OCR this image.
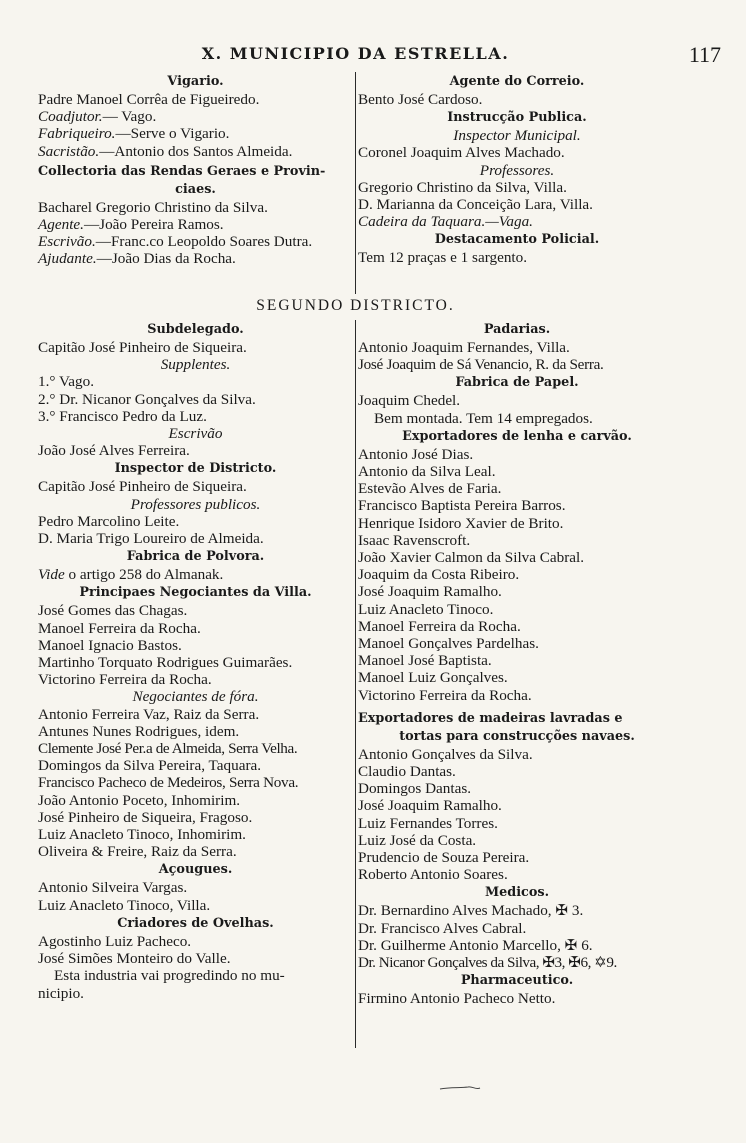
X. MUNICIPIO DA ESTRELLA.	117
Vigario.
Padre Manoel Corrêa de Figueiredo.
Coadjutor.— Vago.
Fabriqueiro.—Serve o Vigario.
Sacristão.—Antonio dos Santos Almeida.
Collectoria das Rendas Geraes e Provin-
ciaes.
Bacharel Gregorio Christino da Silva.
Agente.—João Pereira Ramos.
Escrivão.—Franc.co Leopoldo Soares Dutra.
Ajudante.—João Dias da Rocha.
Agente do Correio.
Bento José Cardoso.
Instrucção Publica.
Inspector Municipal.
Coronel Joaquim Alves Machado.
Professores.
Gregorio Christino da Silva, Villa.
D. Marianna da Conceição Lara, Villa.
Cadeira da Taquara.—Vaga.
Destacamento Policial.
Tem 12 praças e 1 sargento.
SEGUNDO DISTRICTO.
Subdelegado.
Capitão José Pinheiro de Siqueira.
Supplentes.
1.° Vago.
2.° Dr. Nicanor Gonçalves da Silva.
3.° Francisco Pedro da Luz.
Escrivão
João José Alves Ferreira.
Inspector de Districto.
Capitão José Pinheiro de Siqueira.
Professores publicos.
Pedro Marcolino Leite.
D. Maria Trigo Loureiro de Almeida.
Fabrica de Polvora.
Vide o artigo 258 do Almanak.
Principaes Negociantes da Villa.
José Gomes das Chagas.
Manoel Ferreira da Rocha.
Manoel Ignacio Bastos.
Martinho Torquato Rodrigues Guimarães.
Victorino Ferreira da Rocha.
Negociantes de fóra.
Antonio Ferreira Vaz, Raiz da Serra.
Antunes Nunes Rodrigues, idem.
Clemente José Per.a de Almeida, Serra Velha.
Domingos da Silva Pereira, Taquara.
Francisco Pacheco de Medeiros, Serra Nova.
João Antonio Poceto, Inhomirim.
José Pinheiro de Siqueira, Fragoso.
Luiz Anacleto Tinoco, Inhomirim.
Oliveira & Freire, Raiz da Serra.
Açougues.
Antonio Silveira Vargas.
Luiz Anacleto Tinoco, Villa.
Criadores de Ovelhas.
Agostinho Luiz Pacheco.
José Simões Monteiro do Valle.
Esta industria vai progredindo no mu-
nicipio.
Padarias.
Antonio Joaquim Fernandes, Villa.
José Joaquim de Sá Venancio, R. da Serra.
Fabrica de Papel.
Joaquim Chedel.
Bem montada. Tem 14 empregados.
Exportadores de lenha e carvão.
Antonio José Dias.
Antonio da Silva Leal.
Estevão Alves de Faria.
Francisco Baptista Pereira Barros.
Henrique Isidoro Xavier de Brito.
Isaac Ravenscroft.
João Xavier Calmon da Silva Cabral.
Joaquim da Costa Ribeiro.
José Joaquim Ramalho.
Luiz Anacleto Tinoco.
Manoel Ferreira da Rocha.
Manoel Gonçalves Pardelhas.
Manoel José Baptista.
Manoel Luiz Gonçalves.
Victorino Ferreira da Rocha.
Exportadores de madeiras lavradas e
tortas para construcções navaes.
Antonio Gonçalves da Silva.
Claudio Dantas.
Domingos Dantas.
José Joaquim Ramalho.
Luiz Fernandes Torres.
Luiz José da Costa.
Prudencio de Souza Pereira.
Roberto Antonio Soares.
Medicos.
Dr. Bernardino Alves Machado, ✠ 3.
Dr. Francisco Alves Cabral.
Dr. Guilherme Antonio Marcello, ✠ 6.
Dr. Nicanor Gonçalves da Silva, ✠3, ✠6, ✡9.
Pharmaceutico.
Firmino Antonio Pacheco Netto.
